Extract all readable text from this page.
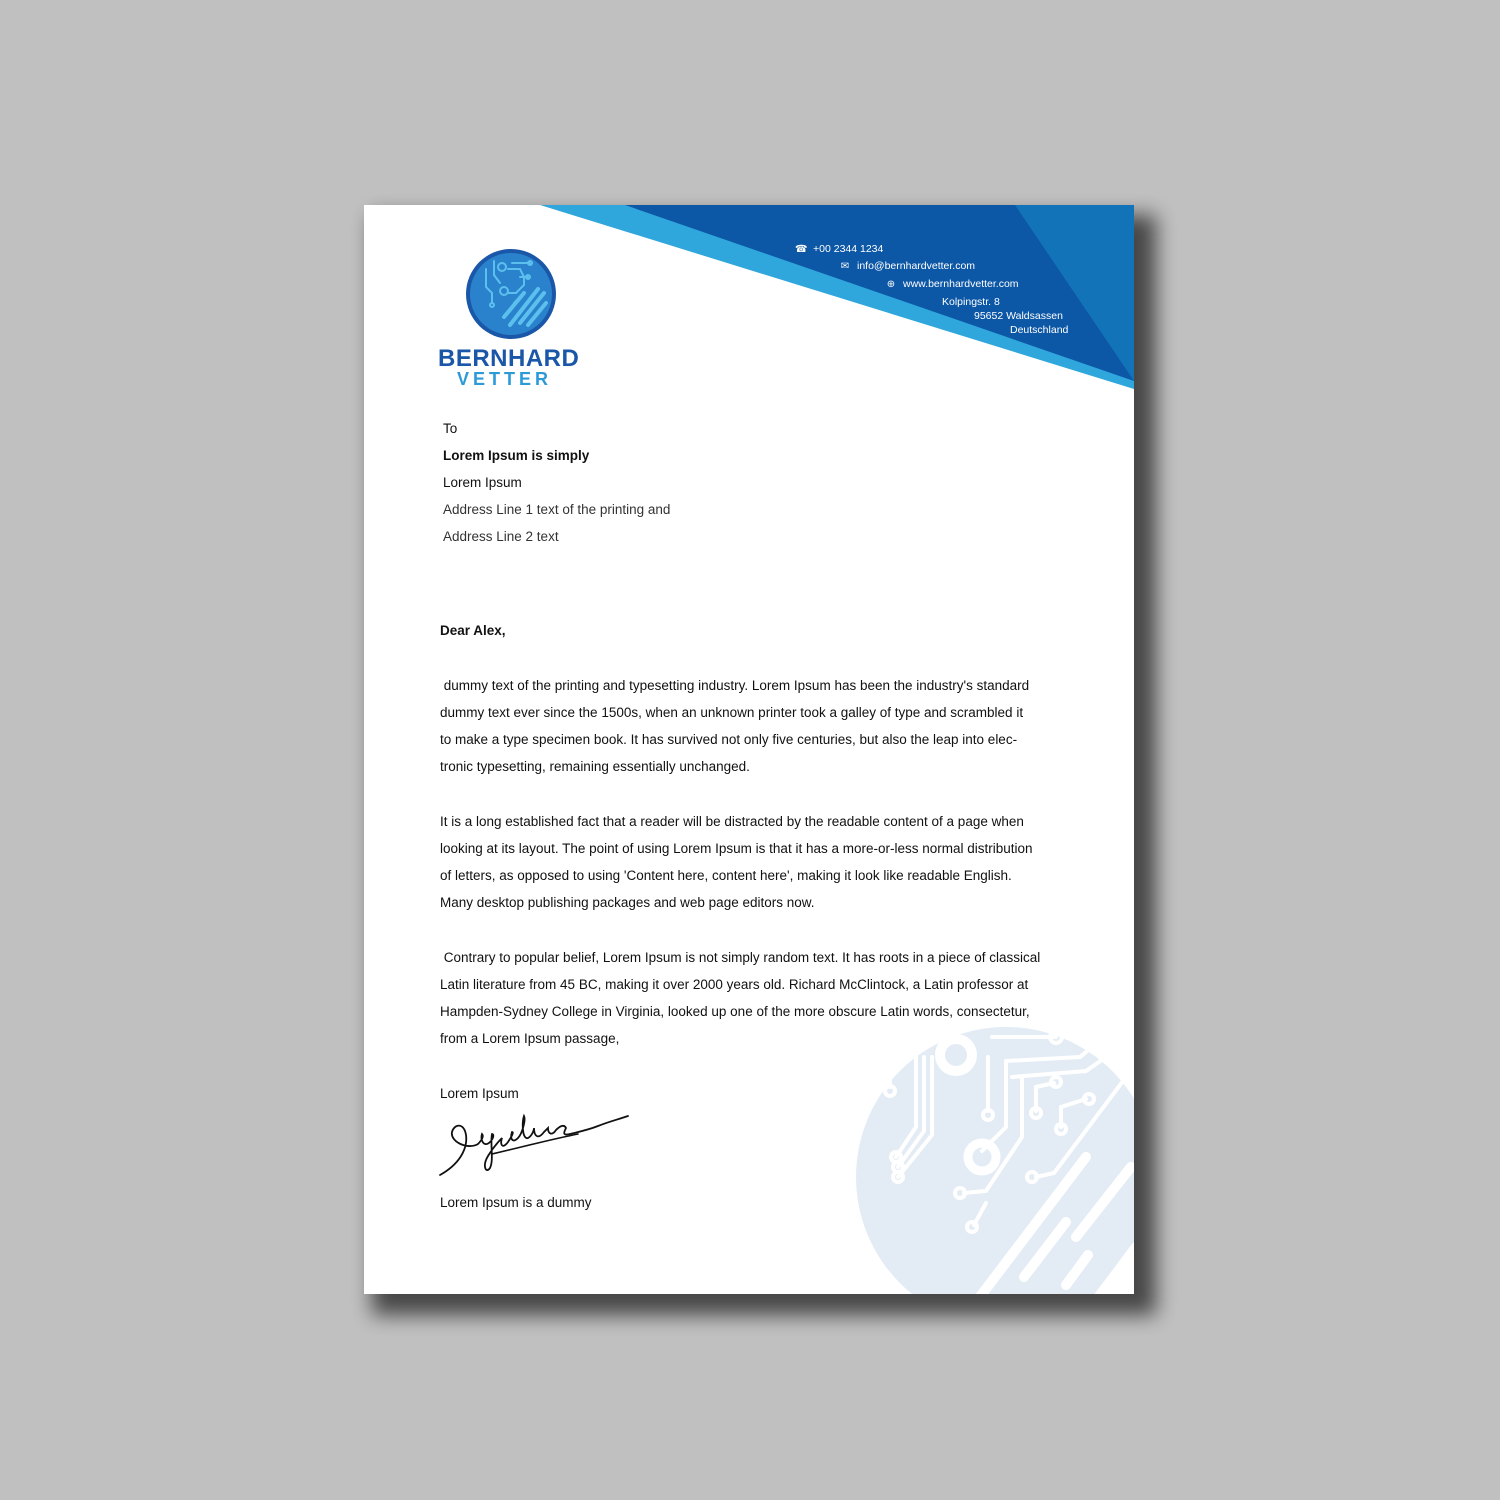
☎ +00 2344 1234
✉ info@bernhardvetter.com
⊕ www.bernhardvetter.com
Kolpingstr. 8
95652 Waldsassen
Deutschland
BERNHARD
VETTER
To
Lorem Ipsum is simply
Lorem Ipsum
Address Line 1 text of the printing and
Address Line 2 text
Dear Alex,

dummy text of the printing and typesetting industry. Lorem Ipsum has been the industry's standard

dummy text ever since the 1500s, when an unknown printer took a galley of type and scrambled it

to make a type specimen book. It has survived not only five centuries, but also the leap into elec-

tronic typesetting, remaining essentially unchanged.

It is a long established fact that a reader will be distracted by the readable content of a page when

looking at its layout. The point of using Lorem Ipsum is that it has a more-or-less normal distribution

of letters, as opposed to using 'Content here, content here', making it look like readable English.

Many desktop publishing packages and web page editors now.

Contrary to popular belief, Lorem Ipsum is not simply random text. It has roots in a piece of classical

Latin literature from 45 BC, making it over 2000 years old. Richard McClintock, a Latin professor at

Hampden-Sydney College in Virginia, looked up one of the more obscure Latin words, consectetur,

from a Lorem Ipsum passage,

Lorem Ipsum
Lorem Ipsum is a dummy
